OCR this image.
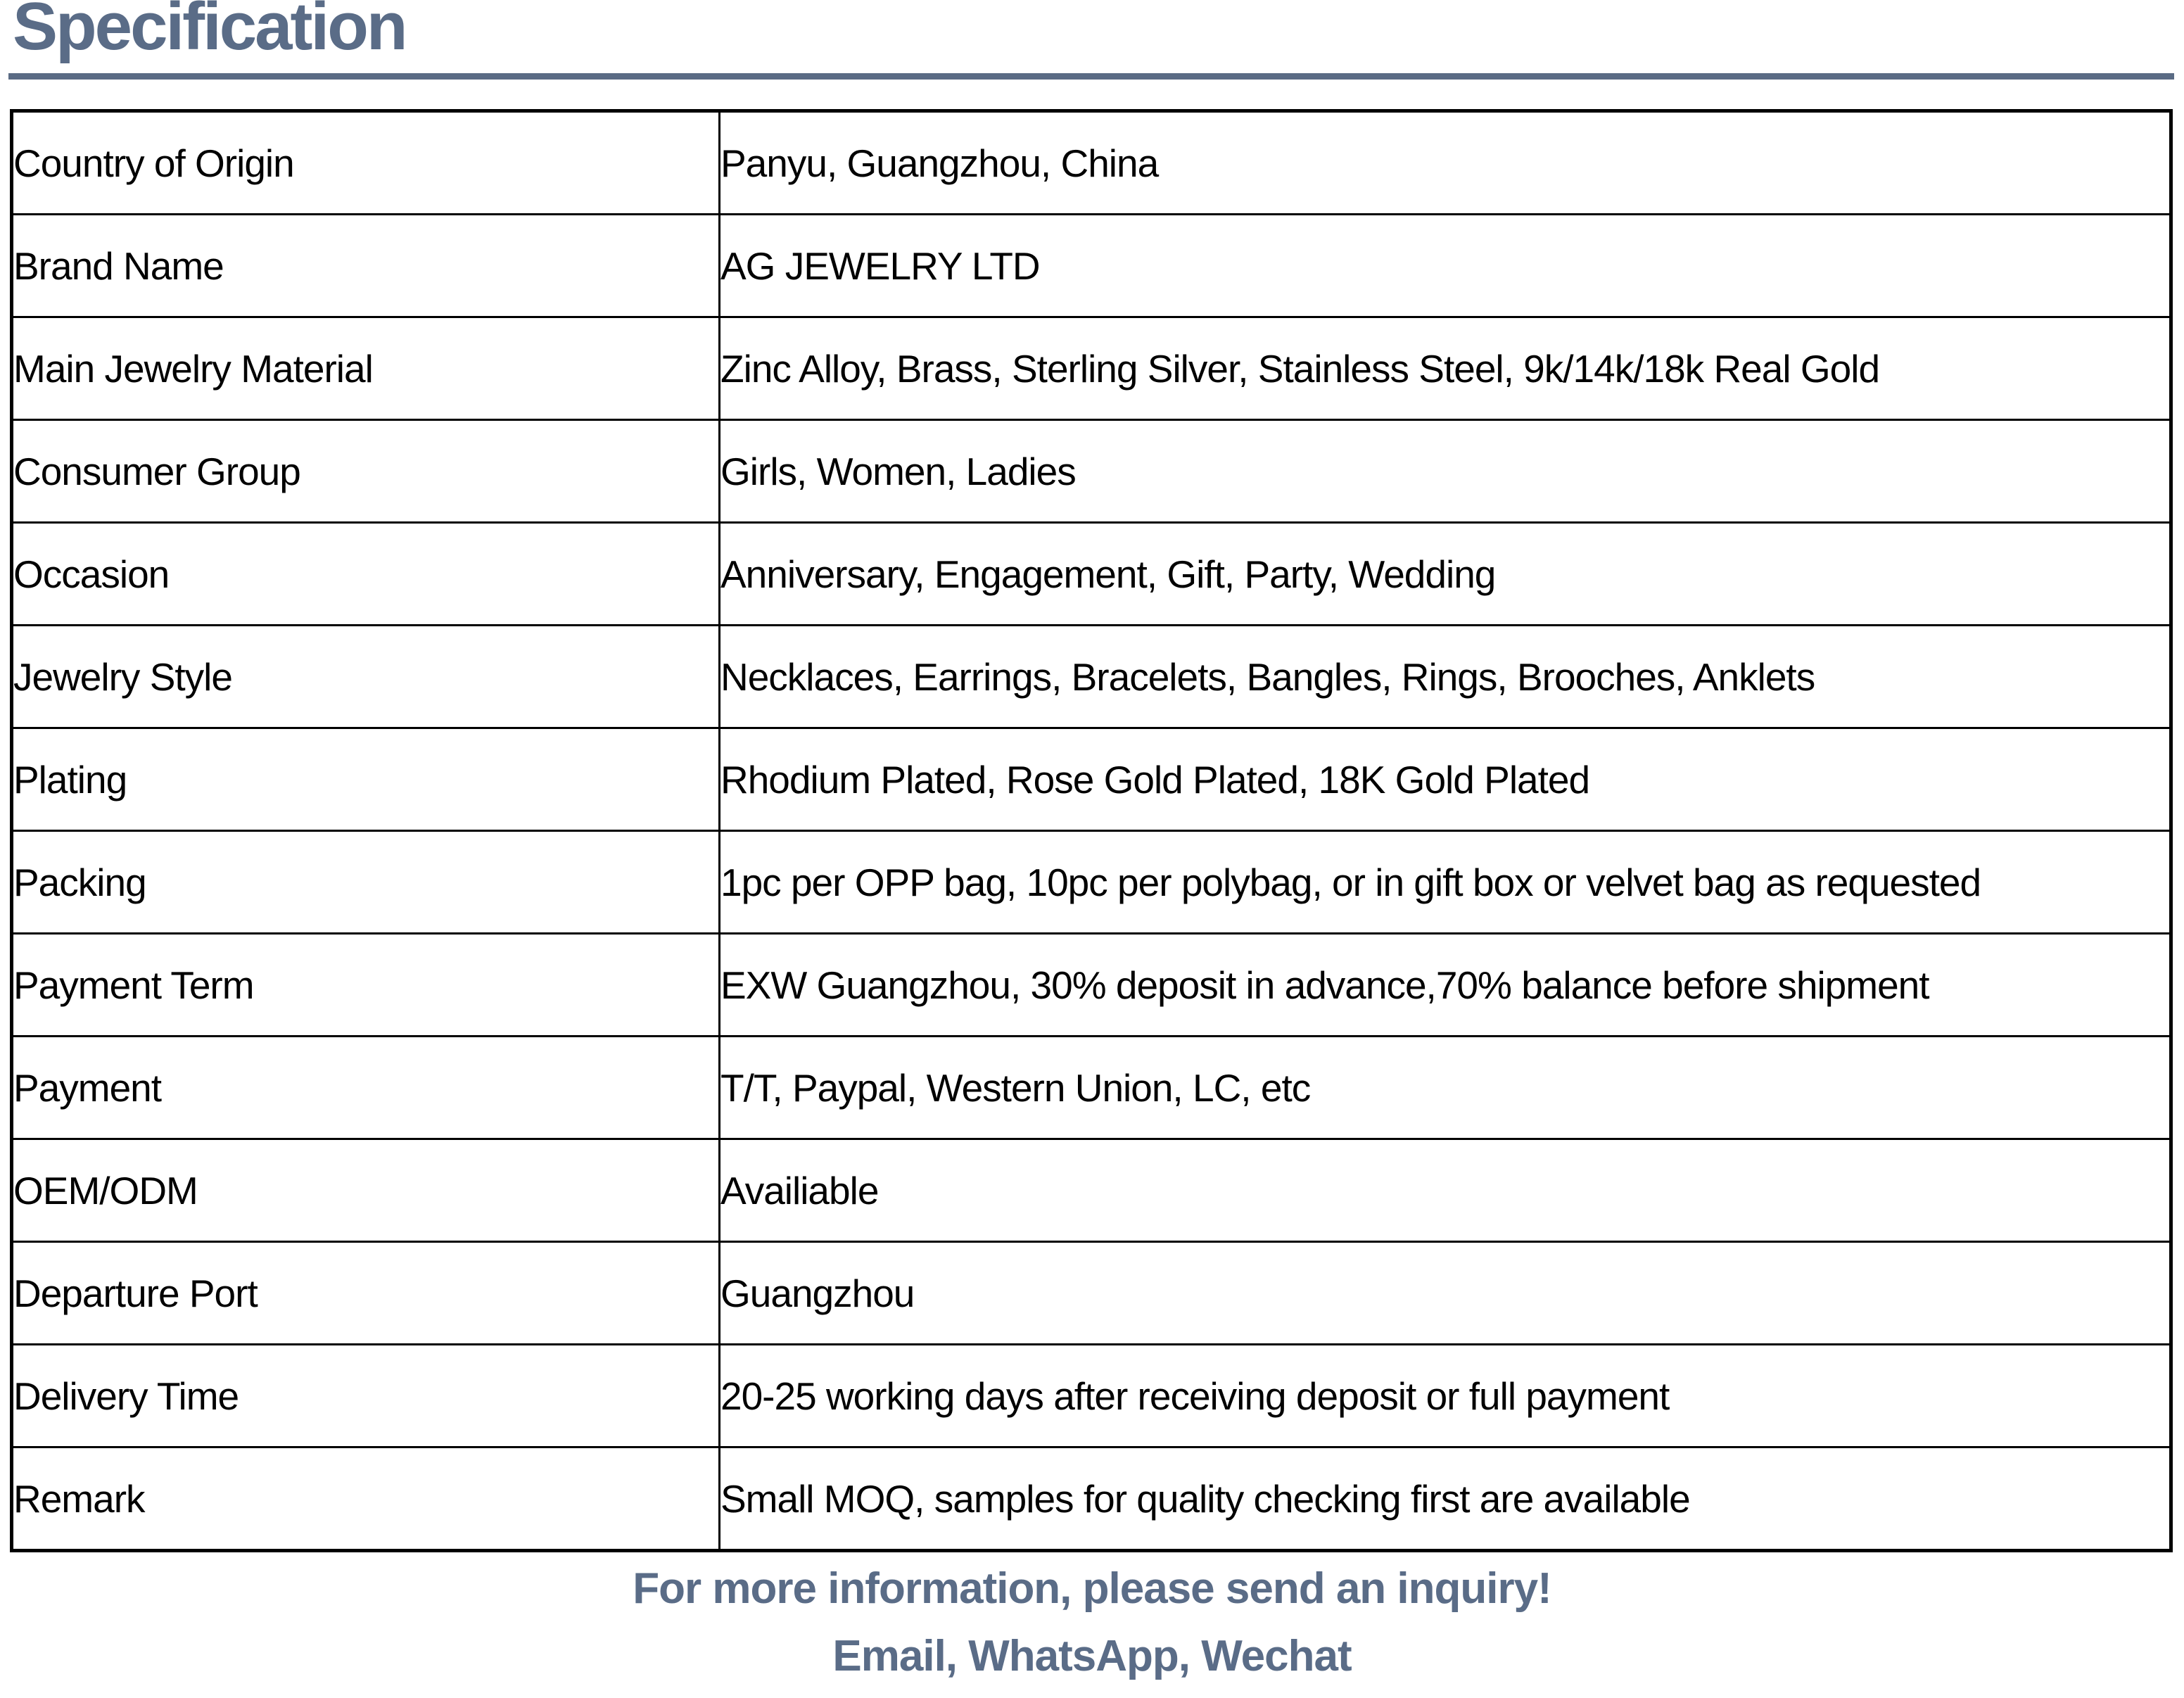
Specification
Country of Origin	Panyu, Guangzhou, China
Brand Name	AG JEWELRY LTD
Main Jewelry Material	Zinc Alloy, Brass, Sterling Silver, Stainless Steel, 9k/14k/18k Real Gold
Consumer Group	Girls, Women, Ladies
Occasion	Anniversary, Engagement, Gift, Party, Wedding
Jewelry Style	Necklaces, Earrings, Bracelets, Bangles, Rings, Brooches, Anklets
Plating	Rhodium Plated, Rose Gold Plated, 18K Gold Plated
Packing	1pc per OPP bag, 10pc per polybag, or in gift box or velvet bag as requested
Payment Term	EXW Guangzhou, 30% deposit in advance,70% balance before shipment
Payment	T/T, Paypal, Western Union, LC, etc
OEM/ODM	Availiable
Departure Port	Guangzhou
Delivery Time	20-25 working days after receiving deposit or full payment
Remark	Small MOQ, samples for quality checking first are available
For more information, please send an inquiry!
Email, WhatsApp, Wechat
